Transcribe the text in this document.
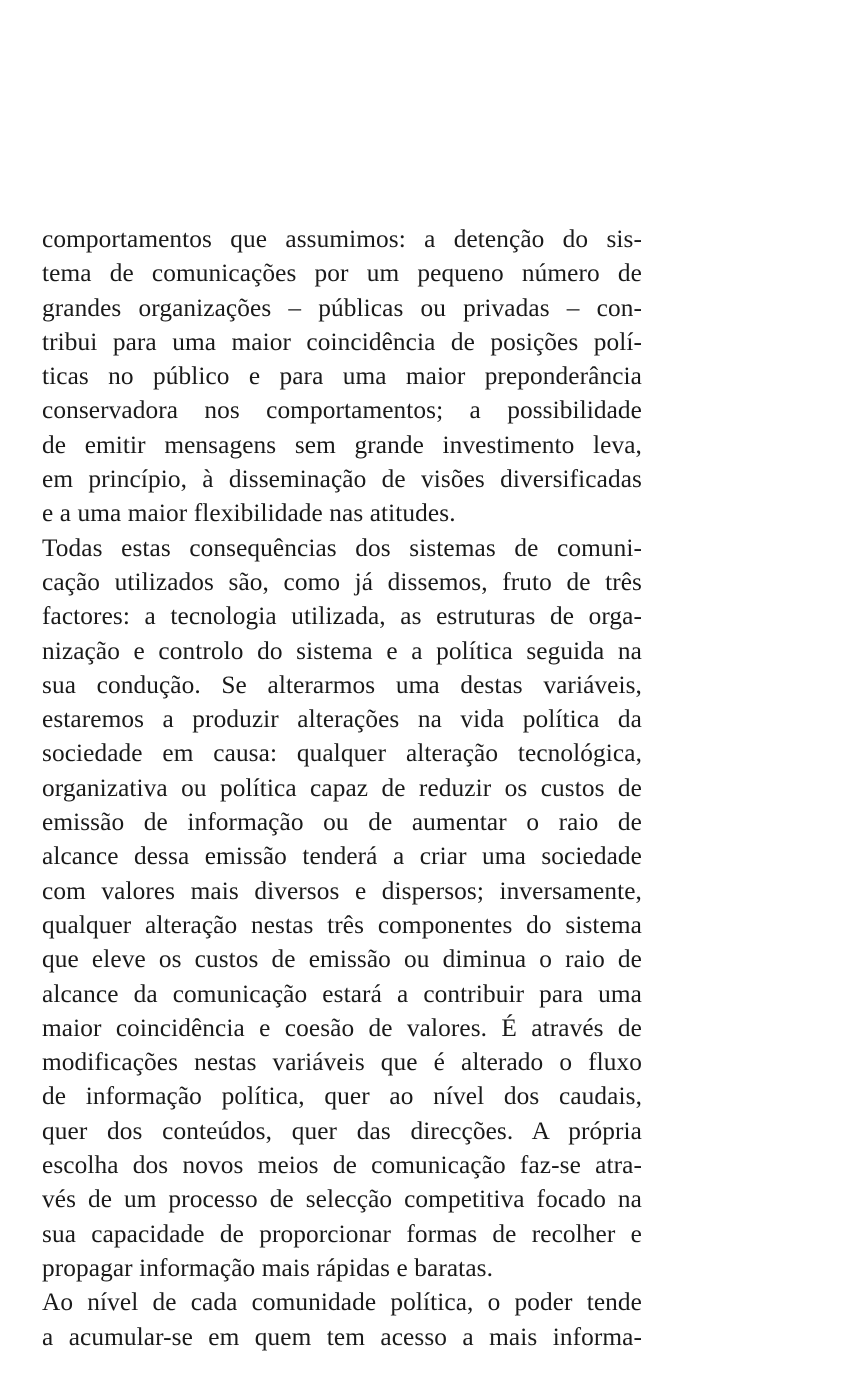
comportamentos que assumimos: a detenção do sis-
tema de comunicações por um pequeno número de
grandes organizações – públicas ou privadas – con-
tribui para uma maior coincidência de posições polí-
ticas no público e para uma maior preponderância
conservadora nos comportamentos; a possibilidade
de emitir mensagens sem grande investimento leva,
em princípio, à disseminação de visões diversificadas
e a uma maior flexibilidade nas atitudes.
Todas estas consequências dos sistemas de comuni-
cação utilizados são, como já dissemos, fruto de três
factores: a tecnologia utilizada, as estruturas de orga-
nização e controlo do sistema e a política seguida na
sua condução. Se alterarmos uma destas variáveis,
estaremos a produzir alterações na vida política da
sociedade em causa: qualquer alteração tecnológica,
organizativa ou política capaz de reduzir os custos de
emissão de informação ou de aumentar o raio de
alcance dessa emissão tenderá a criar uma sociedade
com valores mais diversos e dispersos; inversamente,
qualquer alteração nestas três componentes do sistema
que eleve os custos de emissão ou diminua o raio de
alcance da comunicação estará a contribuir para uma
maior coincidência e coesão de valores. É através de
modificações nestas variáveis que é alterado o fluxo
de informação política, quer ao nível dos caudais,
quer dos conteúdos, quer das direcções. A própria
escolha dos novos meios de comunicação faz-se atra-
vés de um processo de selecção competitiva focado na
sua capacidade de proporcionar formas de recolher e
propagar informação mais rápidas e baratas.
Ao nível de cada comunidade política, o poder tende
a acumular-se em quem tem acesso a mais informa-
